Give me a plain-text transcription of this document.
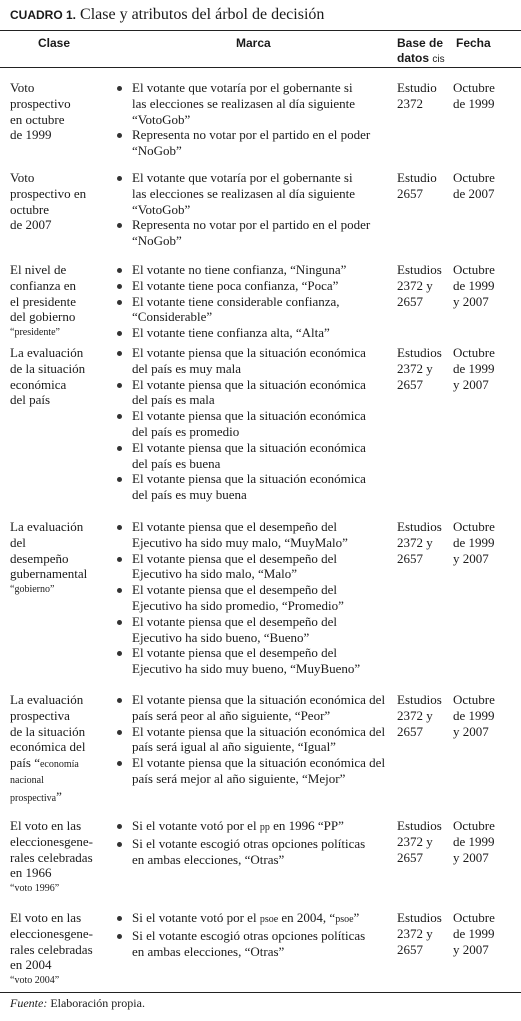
CUADRO 1. Clase y atributos del árbol de decisión
Clase	Marca	Base de
datos cis
Fecha
Voto
prospectivo
en octubre
de 1999
El votante que votaría por el gobernante si
las elecciones se realizasen al día siguiente
“VotoGob”
Representa no votar por el partido en el poder
“NoGob”
Estudio
2372
Octubre
de 1999
Voto
prospectivo en
octubre
de 2007
El votante que votaría por el gobernante si
las elecciones se realizasen al día siguiente
“VotoGob”
Representa no votar por el partido en el poder
“NoGob”
Estudio
2657
Octubre
de 2007
El nivel de
confianza en
el presidente
del gobierno
“presidente”
El votante no tiene confianza, “Ninguna”
El votante tiene poca confianza, “Poca”
El votante tiene considerable confianza,
“Considerable”
El votante tiene confianza alta, “Alta”
Estudios
2372 y
2657
Octubre
de 1999
y 2007
La evaluación
de la situación
económica
del país
El votante piensa que la situación económica
del país es muy mala
El votante piensa que la situación económica
del país es mala
El votante piensa que la situación económica
del país es promedio
El votante piensa que la situación económica
del país es buena
El votante piensa que la situación económica
del país es muy buena
Estudios
2372 y
2657
Octubre
de 1999
y 2007
La evaluación
del
desempeño
gubernamental
“gobierno”
El votante piensa que el desempeño del
Ejecutivo ha sido muy malo, “MuyMalo”
El votante piensa que el desempeño del
Ejecutivo ha sido malo, “Malo”
El votante piensa que el desempeño del
Ejecutivo ha sido promedio, “Promedio”
El votante piensa que el desempeño del
Ejecutivo ha sido bueno, “Bueno”
El votante piensa que el desempeño del
Ejecutivo ha sido muy bueno, “MuyBueno”
Estudios
2372 y
2657
Octubre
de 1999
y 2007
La evaluación
prospectiva
de la situación
económica del
país “economía
nacional
prospectiva”
El votante piensa que la situación económica del
país será peor al año siguiente, “Peor”
El votante piensa que la situación económica del
país será igual al año siguiente, “Igual”
El votante piensa que la situación económica del
país será mejor al año siguiente, “Mejor”
Estudios
2372 y
2657
Octubre
de 1999
y 2007
El voto en las
eleccionesgene-
rales celebradas
en 1966
“voto 1996”
Si el votante votó por el pp en 1996 “PP”
Si el votante escogió otras opciones políticas
en ambas elecciones, “Otras”
Estudios
2372 y
2657
Octubre
de 1999
y 2007
El voto en las
eleccionesgene-
rales celebradas
en 2004
“voto 2004”
Si el votante votó por el psoe en 2004, “psoe”
Si el votante escogió otras opciones políticas
en ambas elecciones, “Otras”
Estudios
2372 y
2657
Octubre
de 1999
y 2007
Fuente: Elaboración propia.
